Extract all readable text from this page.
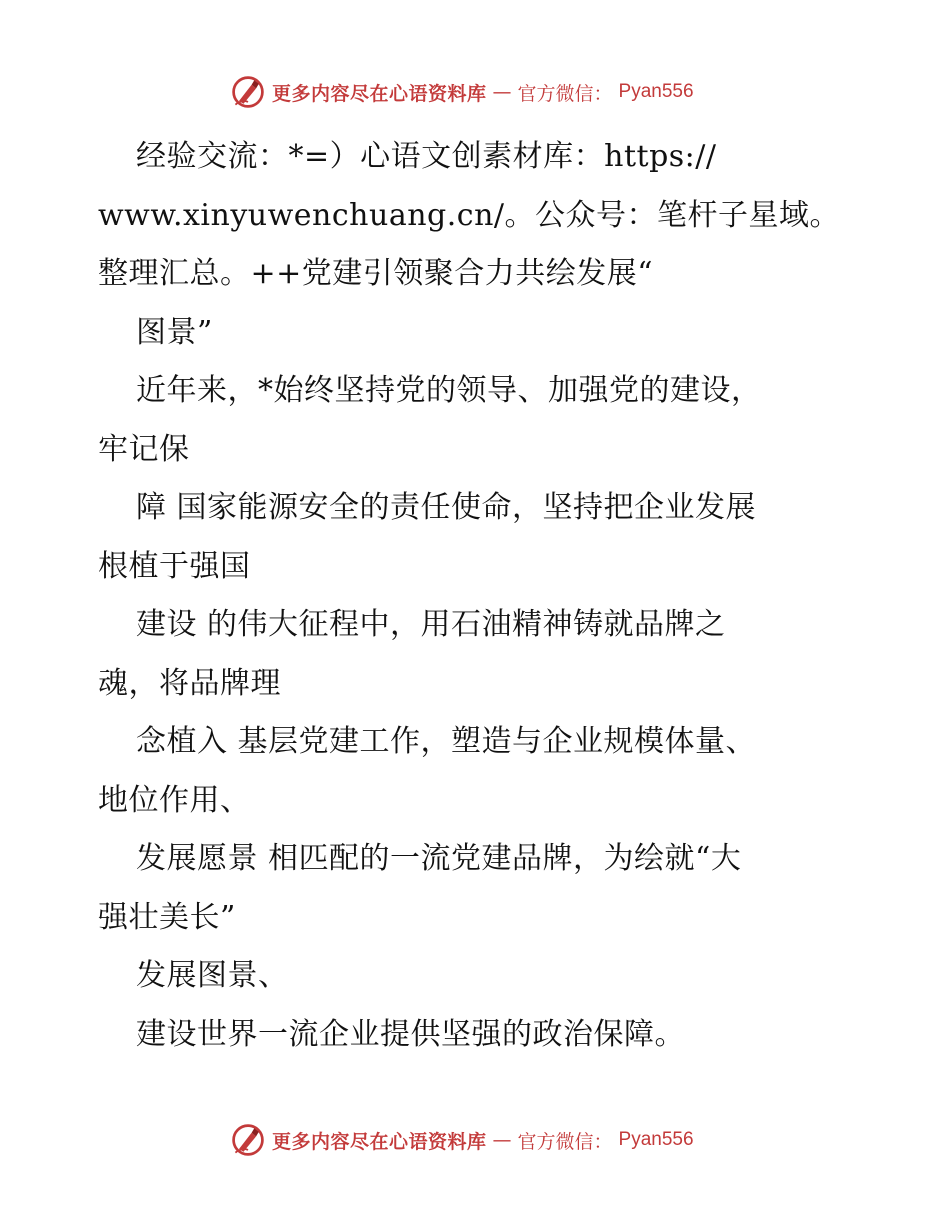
更多内容尽在心语资料库 — 官方微信： Pyan556
经验交流：*=）心语文创素材库：https://
www.xinyuwenchuang.cn/。公众号：笔杆子星域。
整理汇总。++党建引领聚合力共绘发展“
图景”
近年来，*始终坚持党的领导、加强党的建设，
牢记保
障 国家能源安全的责任使命，坚持把企业发展
根植于强国
建设 的伟大征程中，用石油精神铸就品牌之
魂，将品牌理
念植入 基层党建工作，塑造与企业规模体量、
地位作用、
发展愿景 相匹配的一流党建品牌，为绘就“大
强壮美长”
发展图景、
建设世界一流企业提供坚强的政治保障。
更多内容尽在心语资料库 — 官方微信： Pyan556
